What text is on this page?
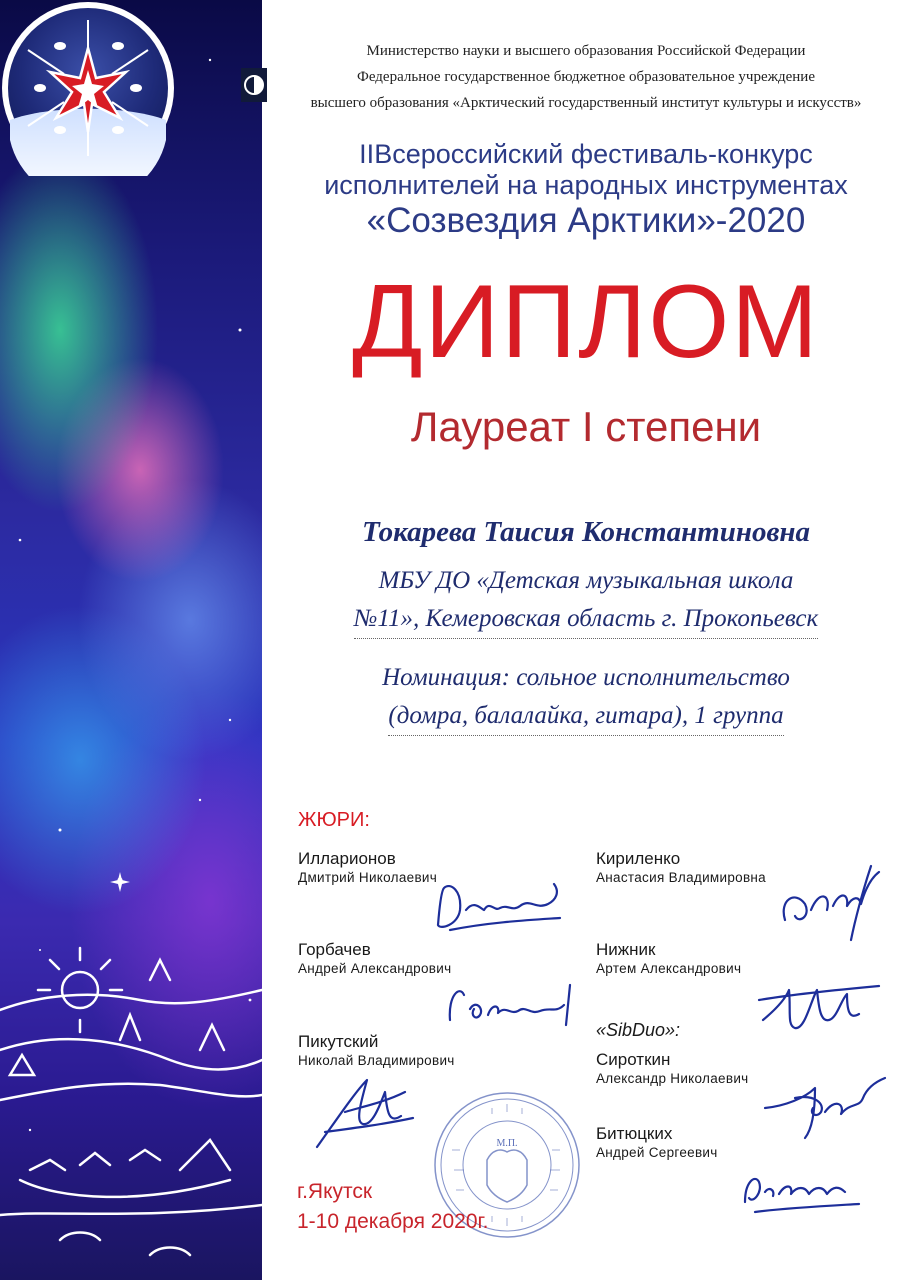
Министерство науки и высшего образования Российской Федерации
Федеральное государственное бюджетное образовательное учреждение
высшего образования «Арктический государственный институт культуры и искусств»
IIВсероссийский фестиваль-конкурс
исполнителей на народных инструментах
«Созвездия Арктики»-2020
ДИПЛОМ
Лауреат I степени
Токарева Таисия Константиновна
МБУ ДО «Детская музыкальная школа
№11», Кемеровская область г. Прокопьевск
Номинация: сольное исполнительство
(домра, балалайка, гитара), 1 группа
ЖЮРИ:
Илларионов
Дмитрий Николаевич
Горбачев
Андрей Александрович
Пикутский
Николай Владимирович
Кириленко
Анастасия Владимировна
Нижник
Артем Александрович
«SibDuo»:
Сироткин
Александр Николаевич
Битюцких
Андрей Сергеевич
М.П.
г.Якутск
1-10 декабря 2020г.
